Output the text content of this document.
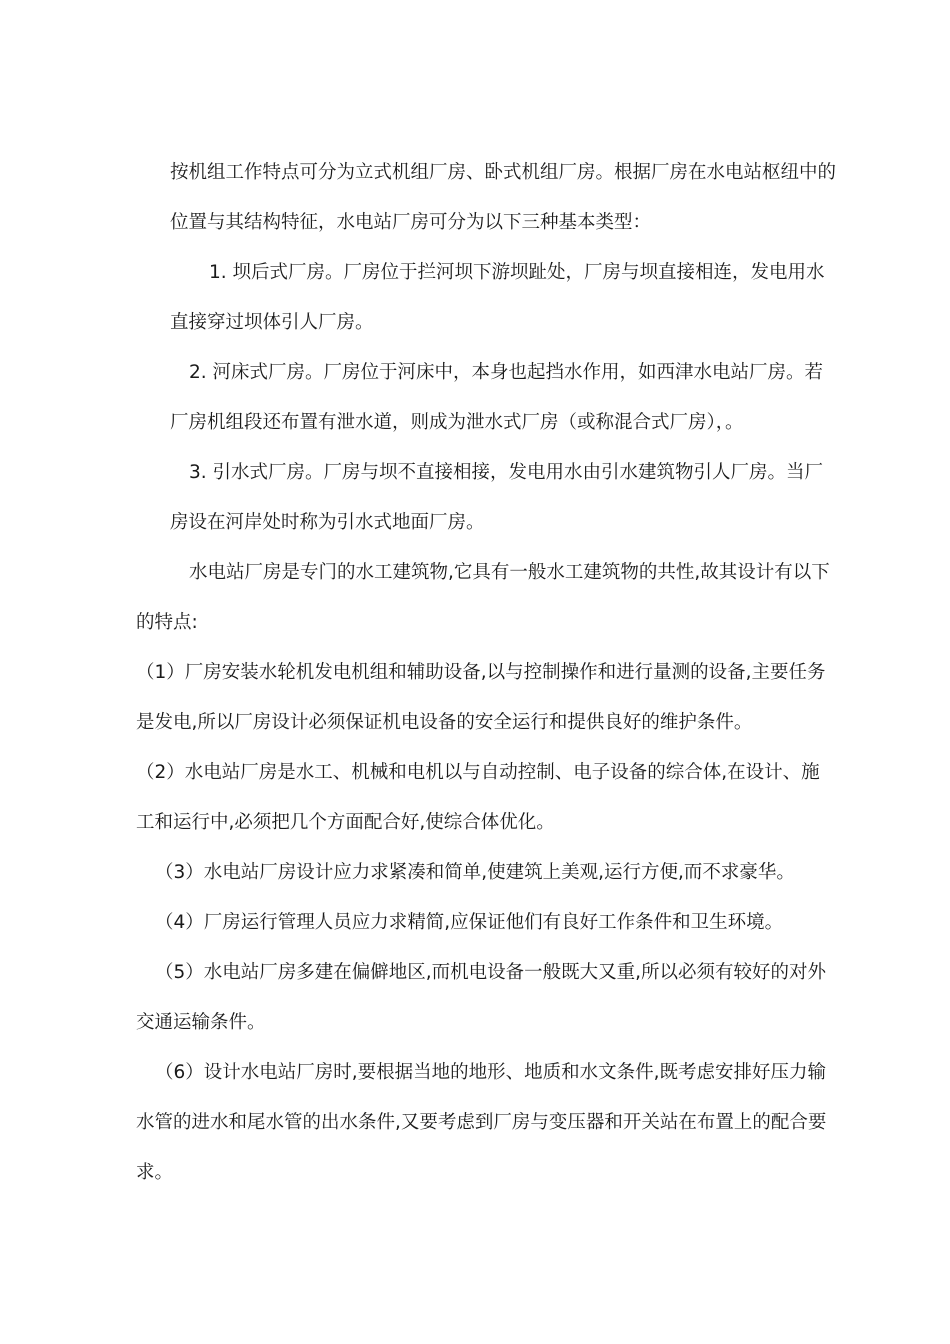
按机组工作特点可分为立式机组厂房、卧式机组厂房。根据厂房在水电站枢纽中的
位置与其结构特征，水电站厂房可分为以下三种基本类型：
1. 坝后式厂房。厂房位于拦河坝下游坝趾处，厂房与坝直接相连，发电用水
直接穿过坝体引人厂房。
2. 河床式厂房。厂房位于河床中，本身也起挡水作用，如西津水电站厂房。若
厂房机组段还布置有泄水道，则成为泄水式厂房（或称混合式厂房），。
3. 引水式厂房。厂房与坝不直接相接，发电用水由引水建筑物引人厂房。当厂
房设在河岸处时称为引水式地面厂房。
水电站厂房是专门的水工建筑物,它具有一般水工建筑物的共性,故其设计有以下
的特点:
（1）厂房安装水轮机发电机组和辅助设备,以与控制操作和进行量测的设备,主要任务
是发电,所以厂房设计必须保证机电设备的安全运行和提供良好的维护条件。
（2）水电站厂房是水工、机械和电机以与自动控制、电子设备的综合体,在设计、施
工和运行中,必须把几个方面配合好,使综合体优化。
（3）水电站厂房设计应力求紧凑和简单,使建筑上美观,运行方便,而不求豪华。
（4）厂房运行管理人员应力求精简,应保证他们有良好工作条件和卫生环境。
（5）水电站厂房多建在偏僻地区,而机电设备一般既大又重,所以必须有较好的对外
交通运输条件。
（6）设计水电站厂房时,要根据当地的地形、地质和水文条件,既考虑安排好压力输
水管的进水和尾水管的出水条件,又要考虑到厂房与变压器和开关站在布置上的配合要
求。
